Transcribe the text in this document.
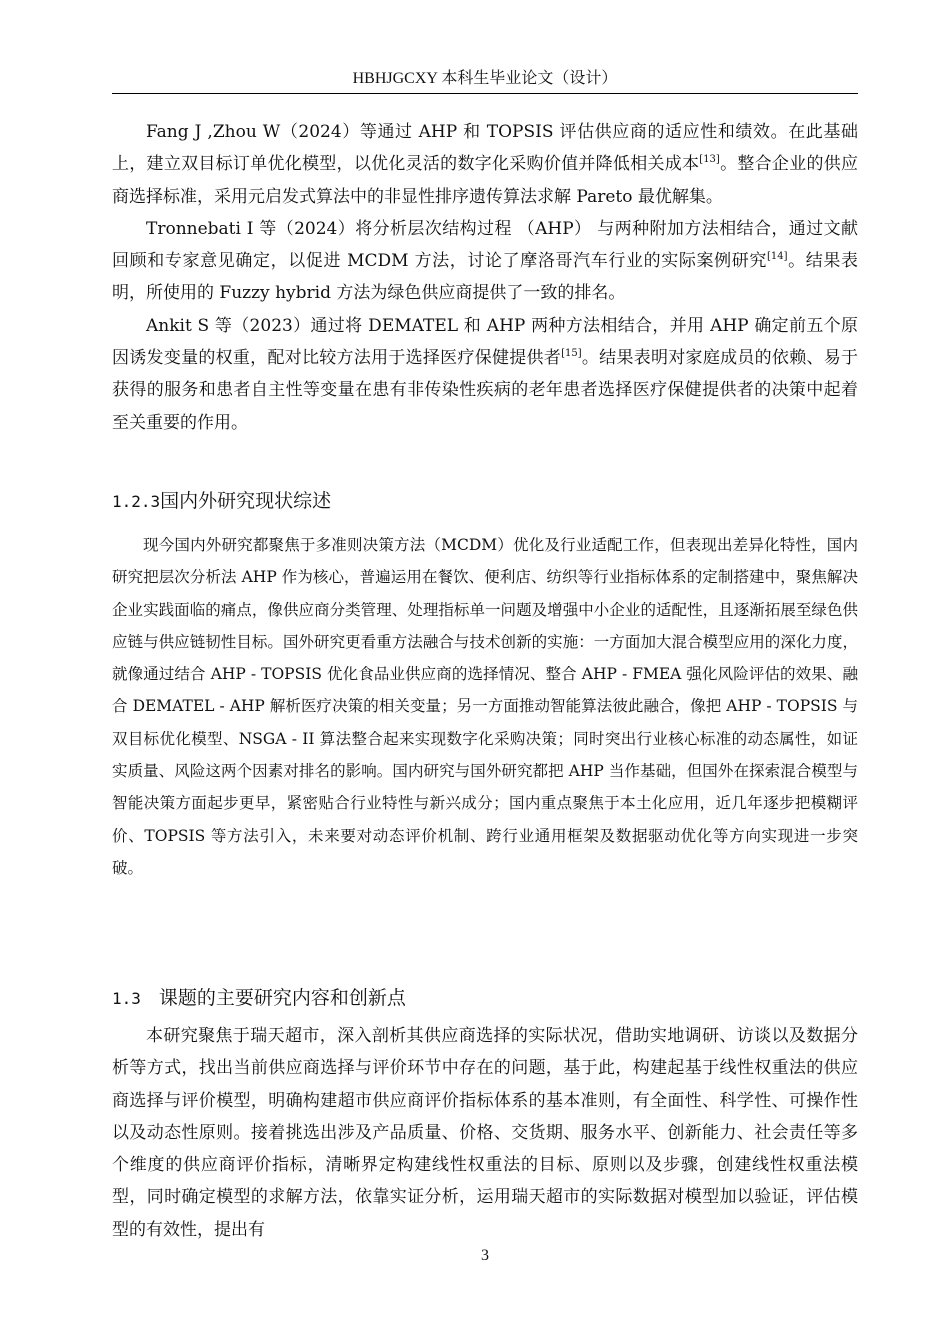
HBHJGCXY 本科生毕业论文（设计）

Fang J ,Zhou W（2024）等通过 AHP 和 TOPSIS 评估供应商的适应性和绩效。在此基础上，建立双目标订单优化模型，以优化灵活的数字化采购价值并降低相关成本[13]。整合企业的供应商选择标准，采用元启发式算法中的非显性排序遗传算法求解 Pareto 最优解集。

Tronnebati I 等（2024）将分析层次结构过程 （AHP） 与两种附加方法相结合，通过文献回顾和专家意见确定，以促进 MCDM 方法，讨论了摩洛哥汽车行业的实际案例研究[14]。结果表明，所使用的 Fuzzy hybrid 方法为绿色供应商提供了一致的排名。

Ankit S 等（2023）通过将 DEMATEL 和 AHP 两种方法相结合，并用 AHP 确定前五个原因诱发变量的权重，配对比较方法用于选择医疗保健提供者[15]。结果表明对家庭成员的依赖、易于获得的服务和患者自主性等变量在患有非传染性疾病的老年患者选择医疗保健提供者的决策中起着至关重要的作用。

1.2.3国内外研究现状综述

现今国内外研究都聚焦于多准则决策方法（MCDM）优化及行业适配工作，但表现出差异化特性，国内研究把层次分析法 AHP 作为核心，普遍运用在餐饮、便利店、纺织等行业指标体系的定制搭建中，聚焦解决企业实践面临的痛点，像供应商分类管理、处理指标单一问题及增强中小企业的适配性，且逐渐拓展至绿色供应链与供应链韧性目标。国外研究更看重方法融合与技术创新的实施：一方面加大混合模型应用的深化力度，就像通过结合 AHP - TOPSIS 优化食品业供应商的选择情况、整合 AHP - FMEA 强化风险评估的效果、融合 DEMATEL - AHP 解析医疗决策的相关变量；另一方面推动智能算法彼此融合，像把 AHP - TOPSIS 与双目标优化模型、NSGA - II 算法整合起来实现数字化采购决策；同时突出行业核心标准的动态属性，如证实质量、风险这两个因素对排名的影响。国内研究与国外研究都把 AHP 当作基础，但国外在探索混合模型与智能决策方面起步更早，紧密贴合行业特性与新兴成分；国内重点聚焦于本土化应用，近几年逐步把模糊评价、TOPSIS 等方法引入，未来要对动态评价机制、跨行业通用框架及数据驱动优化等方向实现进一步突破。

1.3 课题的主要研究内容和创新点

本研究聚焦于瑞天超市，深入剖析其供应商选择的实际状况，借助实地调研、访谈以及数据分析等方式，找出当前供应商选择与评价环节中存在的问题，基于此，构建起基于线性权重法的供应商选择与评价模型，明确构建超市供应商评价指标体系的基本准则，有全面性、科学性、可操作性以及动态性原则。接着挑选出涉及产品质量、价格、交货期、服务水平、创新能力、社会责任等多个维度的供应商评价指标，清晰界定构建线性权重法的目标、原则以及步骤，创建线性权重法模型，同时确定模型的求解方法，依靠实证分析，运用瑞天超市的实际数据对模型加以验证，评估模型的有效性，提出有

3
